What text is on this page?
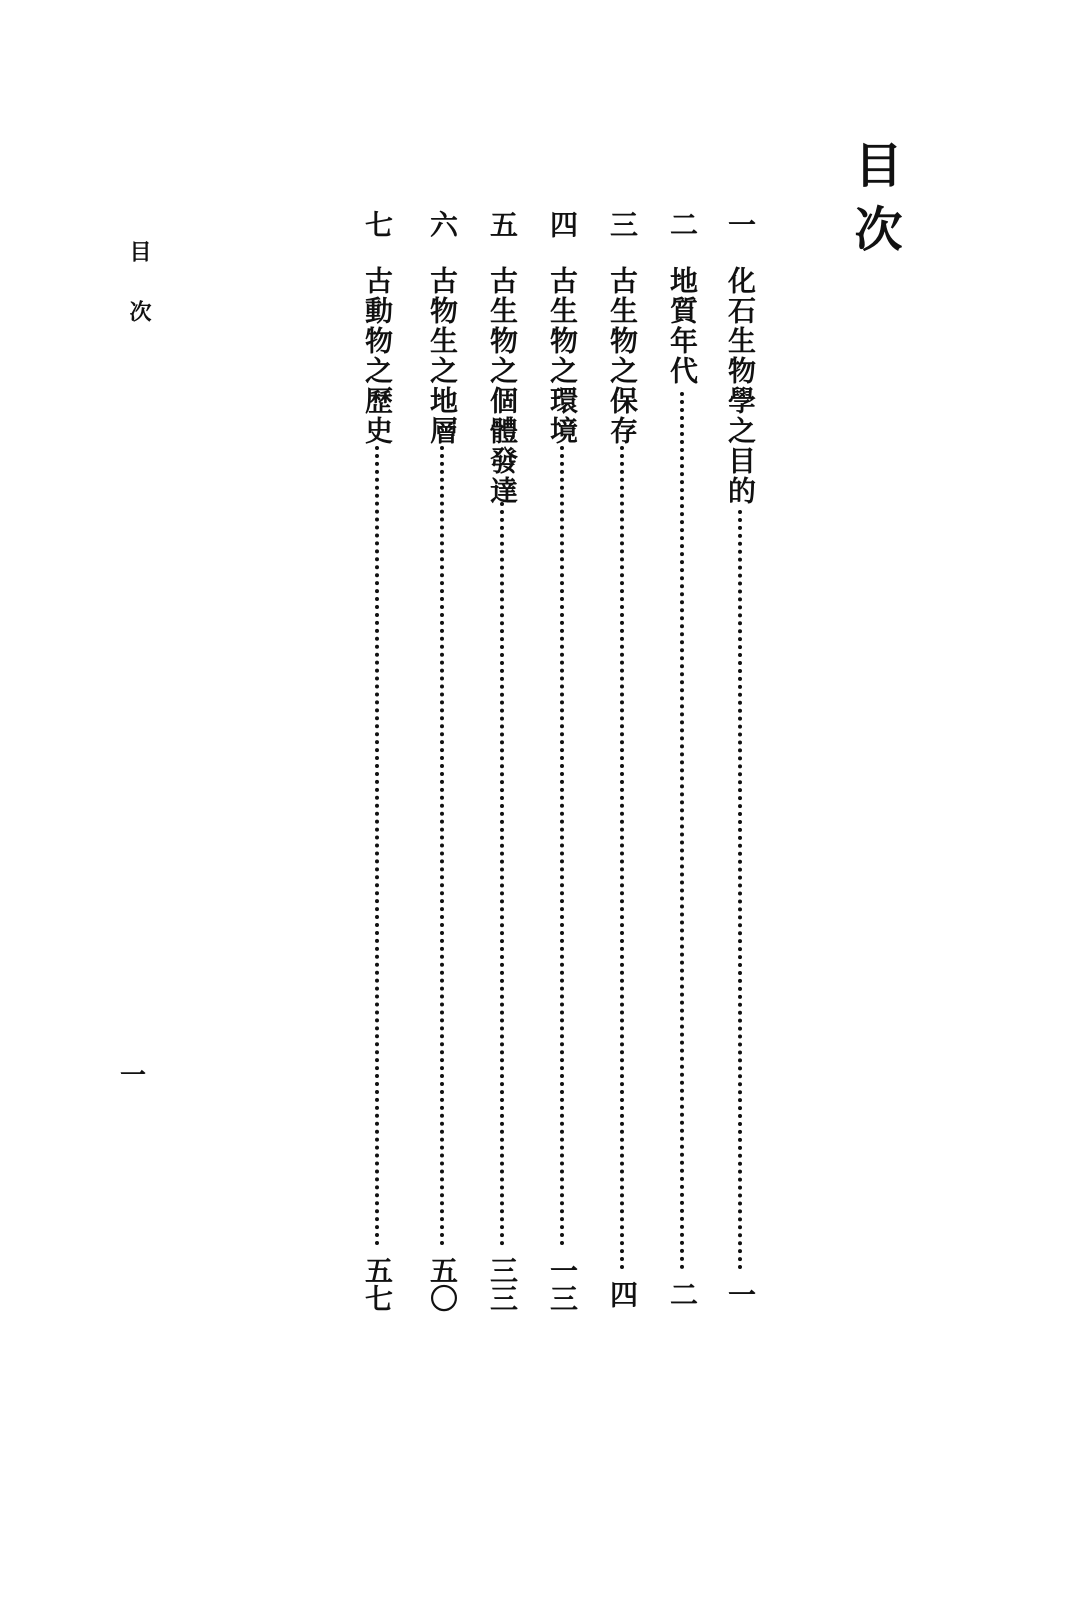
目次
目次
一
一
化石生物學之目的
一
二
地質年代
二
三
古生物之保存
四
四
古生物之環境
一三
五
古生物之個體發達
三三
六
古物生之地層
五〇
七
古動物之歷史
五七
